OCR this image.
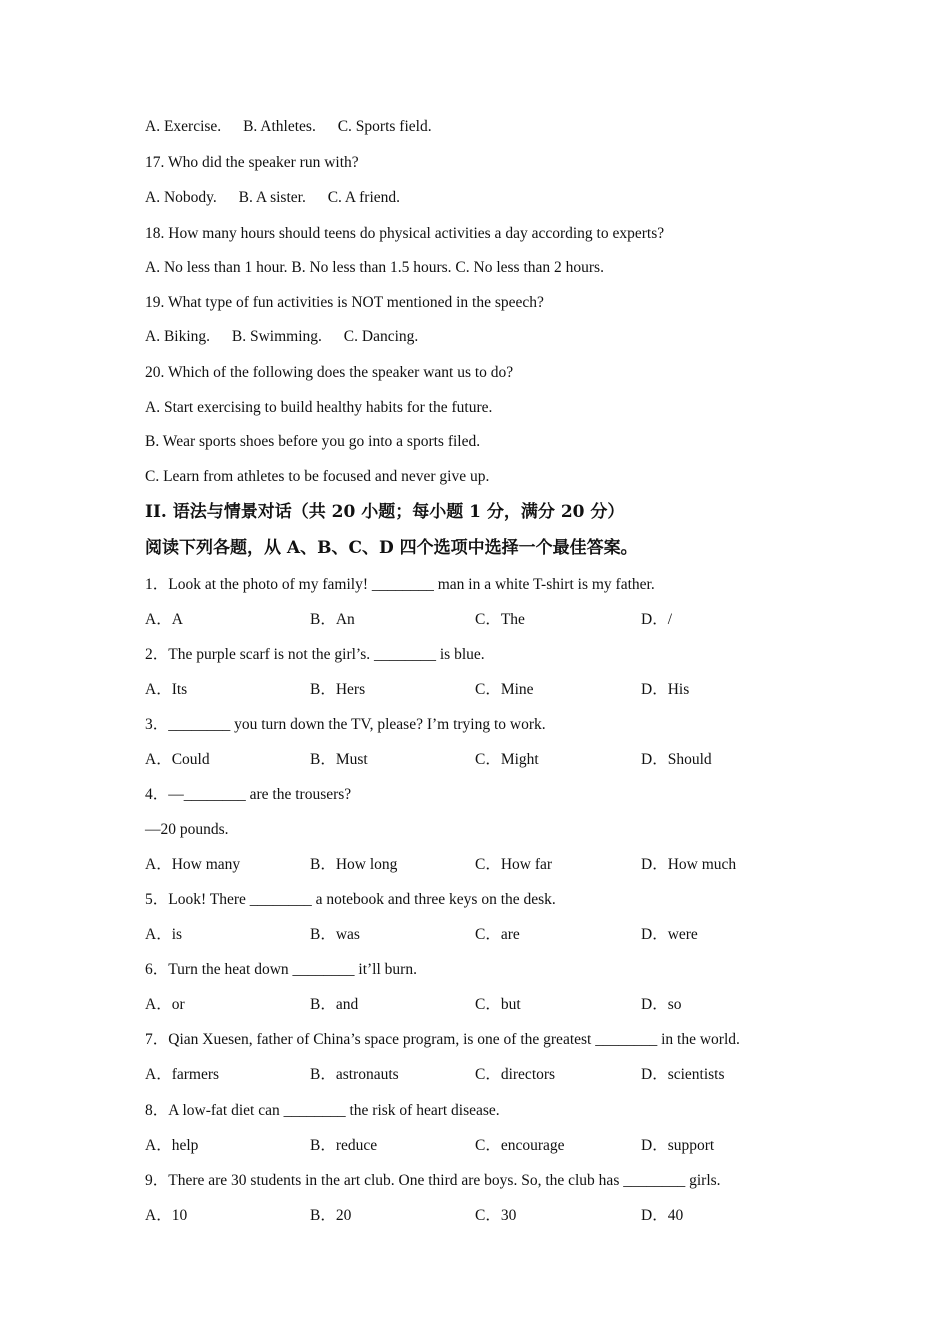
A. Exercise. B. Athletes. C. Sports field.
17. Who did the speaker run with?
A. Nobody. B. A sister. C. A friend.
18. How many hours should teens do physical activities a day according to experts?
A. No less than 1 hour. B. No less than 1.5 hours. C. No less than 2 hours.
19. What type of fun activities is NOT mentioned in the speech?
A. Biking. B. Swimming. C. Dancing.
20. Which of the following does the speaker want us to do?
A. Start exercising to build healthy habits for the future.
B. Wear sports shoes before you go into a sports filed.
C. Learn from athletes to be focused and never give up.
II. 语法与情景对话（共 20 小题；每小题 1 分，满分 20 分）
阅读下列各题，从 A、B、C、D 四个选项中选择一个最佳答案。
1．Look at the photo of my family! ________ man in a white T-shirt is my father.
A．A	B．An	C．The	D．/
2．The purple scarf is not the girl’s. ________ is blue.
A．Its	B．Hers	C．Mine	D．His
3．________ you turn down the TV, please? I’m trying to work.
A．Could	B．Must	C．Might	D．Should
4．—________ are the trousers?
—20 pounds.
A．How many	B．How long	C．How far	D．How much
5．Look! There ________ a notebook and three keys on the desk.
A．is	B．was	C．are	D．were
6．Turn the heat down ________ it’ll burn.
A．or	B．and	C．but	D．so
7．Qian Xuesen, father of China’s space program, is one of the greatest ________ in the world.
A．farmers	B．astronauts	C．directors	D．scientists
8．A low-fat diet can ________ the risk of heart disease.
A．help	B．reduce	C．encourage	D．support
9．There are 30 students in the art club. One third are boys. So, the club has ________ girls.
A．10	B．20	C．30	D．40
